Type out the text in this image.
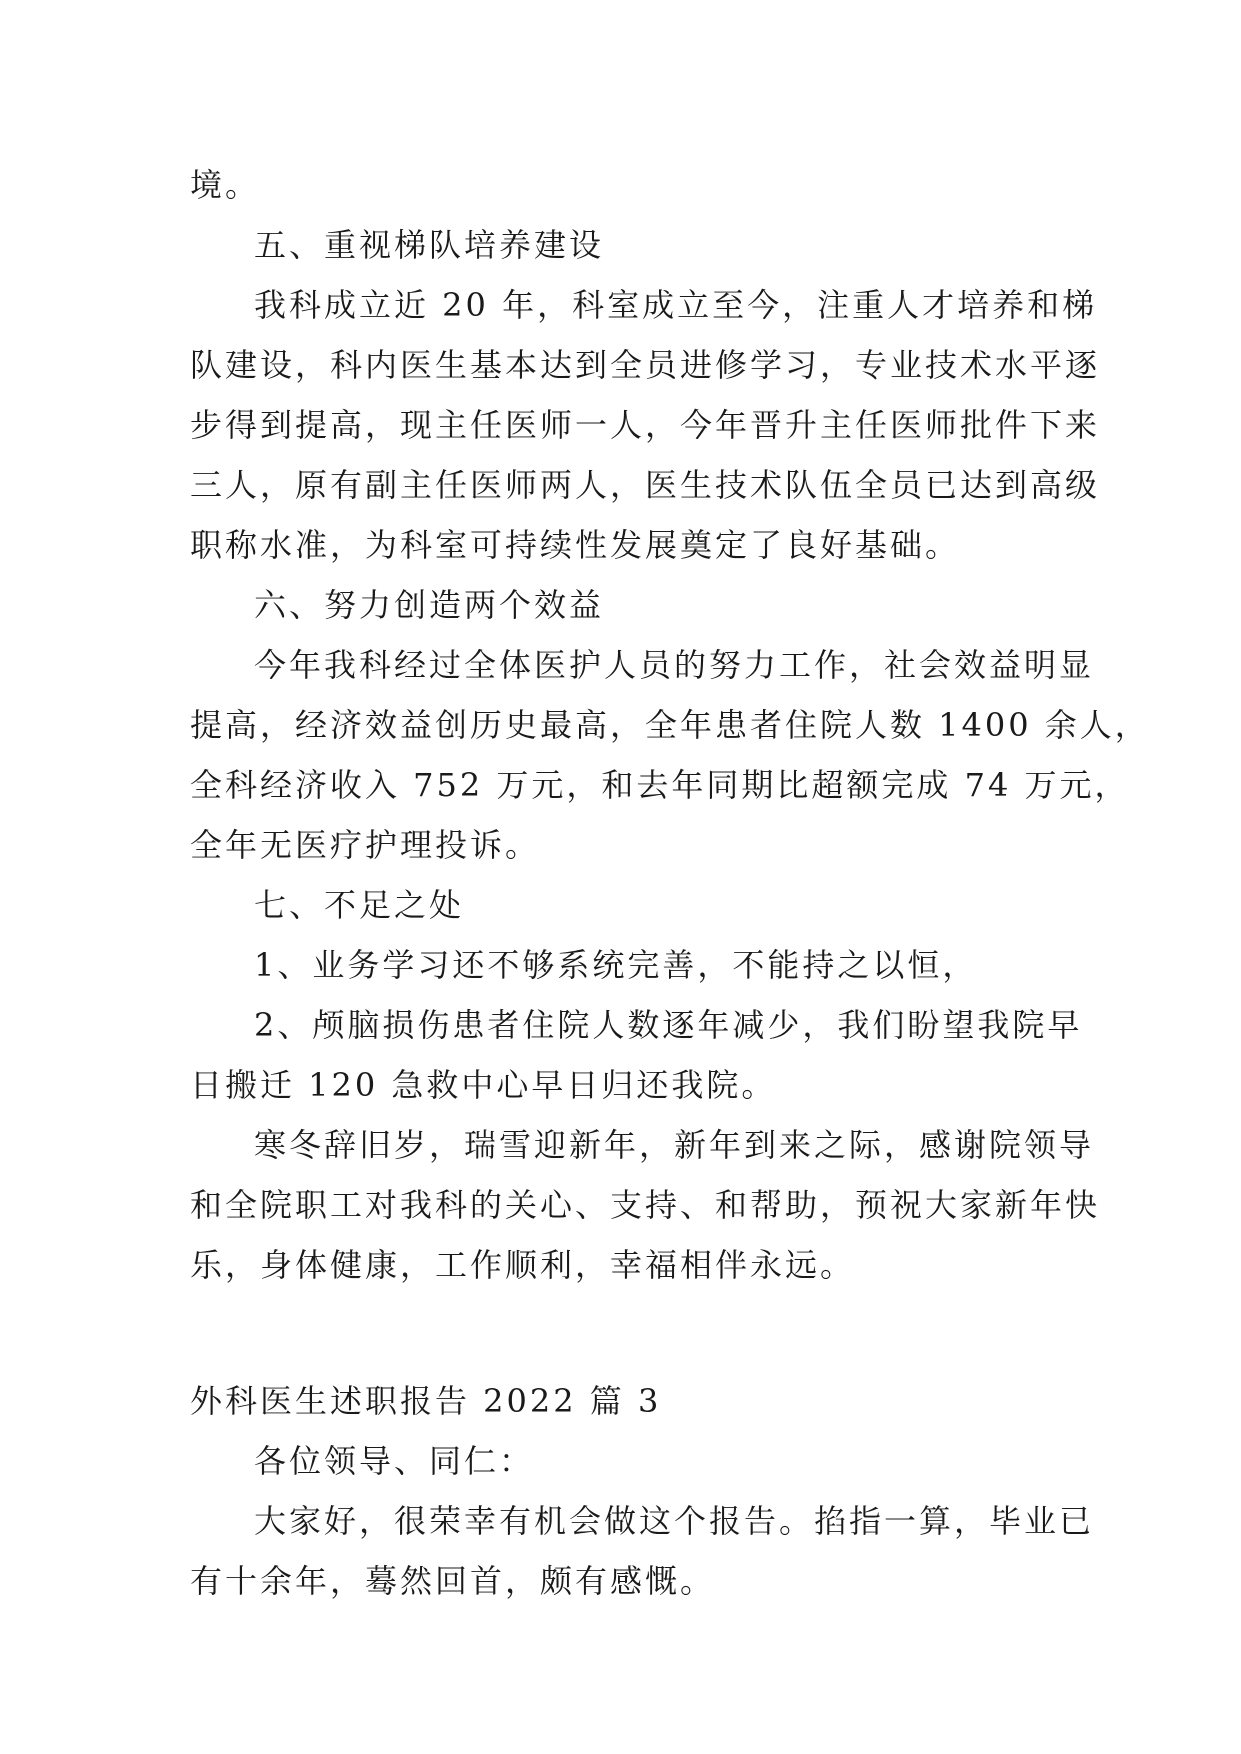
境。
五、重视梯队培养建设
我科成立近 20 年，科室成立至今，注重人才培养和梯
队建设，科内医生基本达到全员进修学习，专业技术水平逐
步得到提高，现主任医师一人，今年晋升主任医师批件下来
三人，原有副主任医师两人，医生技术队伍全员已达到高级
职称水准，为科室可持续性发展奠定了良好基础。
六、努力创造两个效益
今年我科经过全体医护人员的努力工作，社会效益明显
提高，经济效益创历史最高，全年患者住院人数 1400 余人，
全科经济收入 752 万元，和去年同期比超额完成 74 万元，
全年无医疗护理投诉。
七、不足之处
1、业务学习还不够系统完善，不能持之以恒，
2、颅脑损伤患者住院人数逐年减少，我们盼望我院早
日搬迁 120 急救中心早日归还我院。
寒冬辞旧岁，瑞雪迎新年，新年到来之际，感谢院领导
和全院职工对我科的关心、支持、和帮助，预祝大家新年快
乐，身体健康，工作顺利，幸福相伴永远。
外科医生述职报告 2022 篇 3
各位领导、同仁：
大家好，很荣幸有机会做这个报告。掐指一算，毕业已
有十余年，蓦然回首，颇有感慨。
